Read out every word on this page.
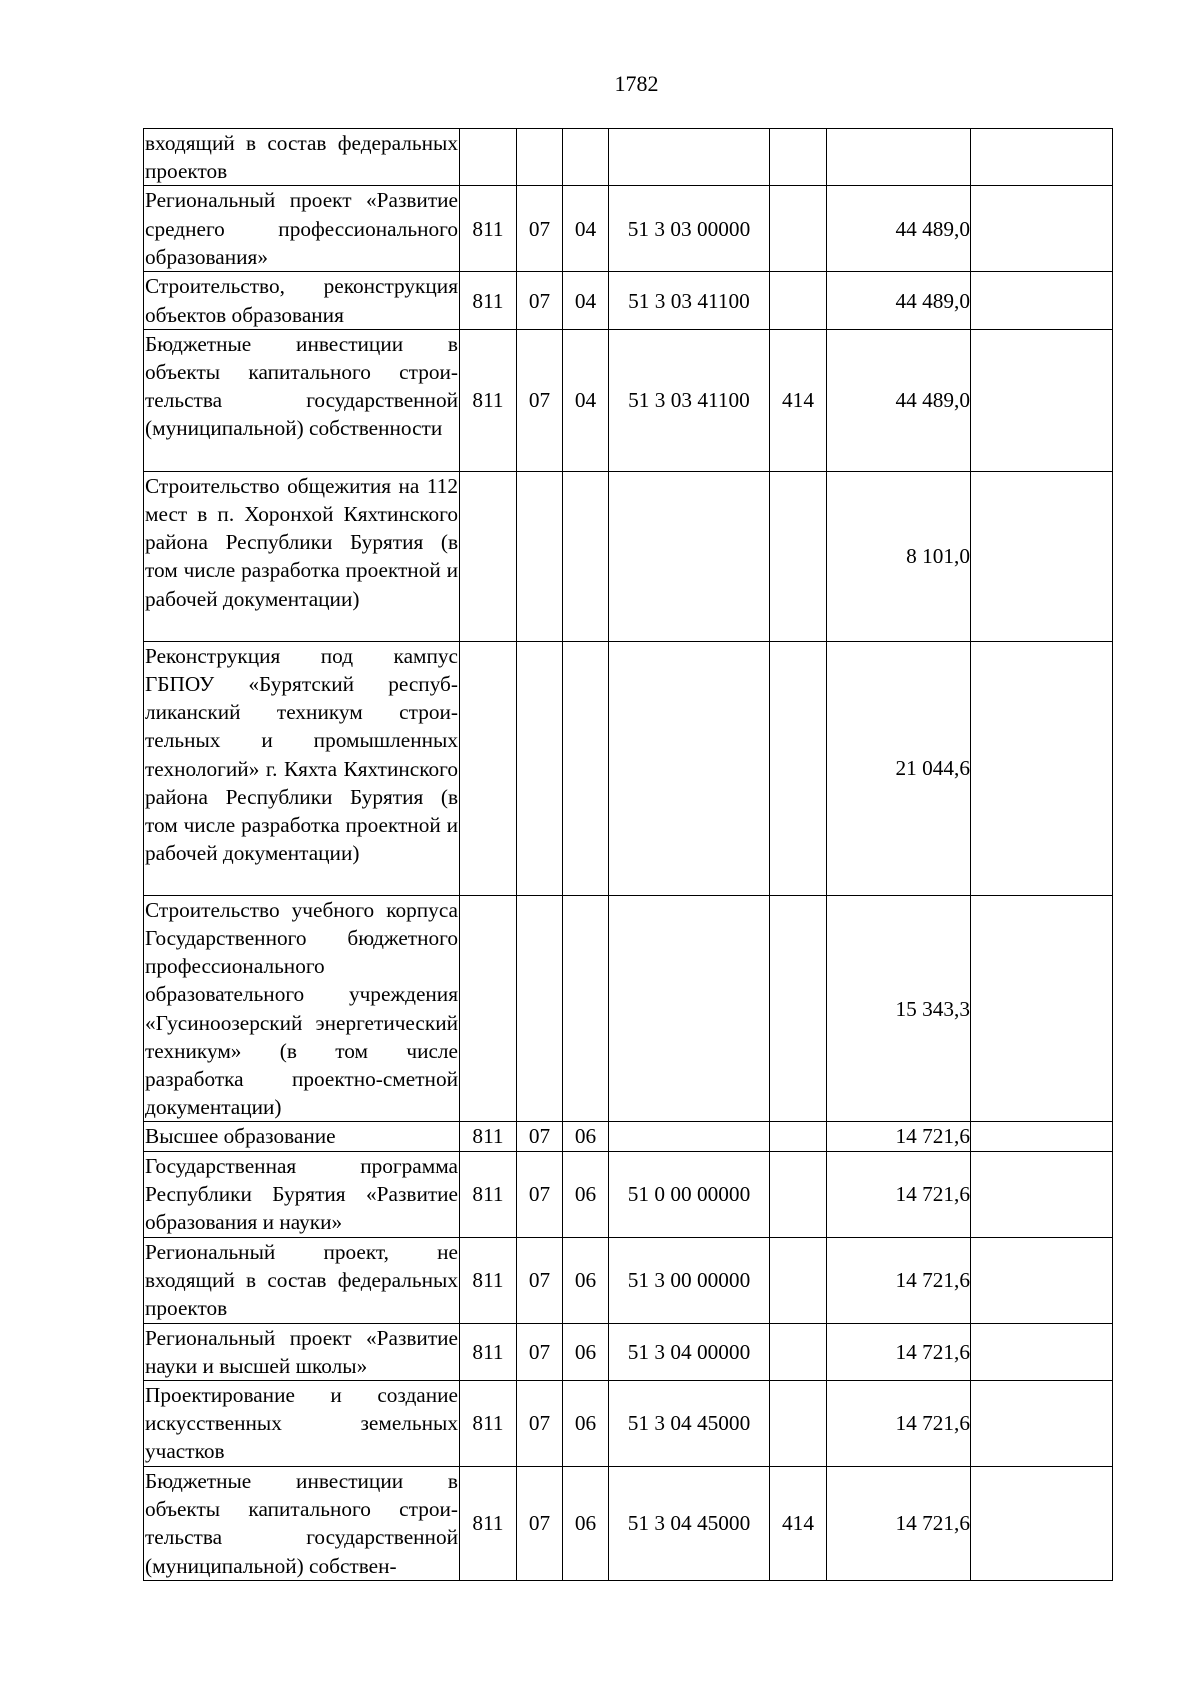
1782
входящий в состав федеральных проектов							
Региональный проект «Развитие среднего профессионального образования»	811	07	04	51 3 03 00000		44 489,0	
Строительство, реконструкция объектов образования	811	07	04	51 3 03 41100		44 489,0	
Бюджетные инвестиции в объекты капитального строительства государственной (муниципальной) собственности	811	07	04	51 3 03 41100	414	44 489,0	
Строительство общежития на 112 мест в п. Хоронхой Кяхтинского района Республики Бурятия (в том числе разработка проектной и рабочей документации)						8 101,0	
Реконструкция под кампус ГБПОУ «Бурятский республиканский техникум строительных и промышленных технологий» г. Кяхта Кяхтинского района Республики Бурятия (в том числе разработка проектной и рабочей документации)						21 044,6	
Строительство учебного корпуса Государственного бюджетного профессионального образовательного учреждения «Гусиноозерский энергетический техникум» (в том числе разработка проектно-сметной документации)						15 343,3	
Высшее образование	811	07	06			14 721,6	
Государственная программа Республики Бурятия «Развитие образования и науки»	811	07	06	51 0 00 00000		14 721,6	
Региональный проект, не входящий в состав федеральных проектов	811	07	06	51 3 00 00000		14 721,6	
Региональный проект «Развитие науки и высшей школы»	811	07	06	51 3 04 00000		14 721,6	
Проектирование и создание искусственных земельных участков	811	07	06	51 3 04 45000		14 721,6	
Бюджетные инвестиции в объекты капитального строительства государственной (муниципальной) собствен-	811	07	06	51 3 04 45000	414	14 721,6	
